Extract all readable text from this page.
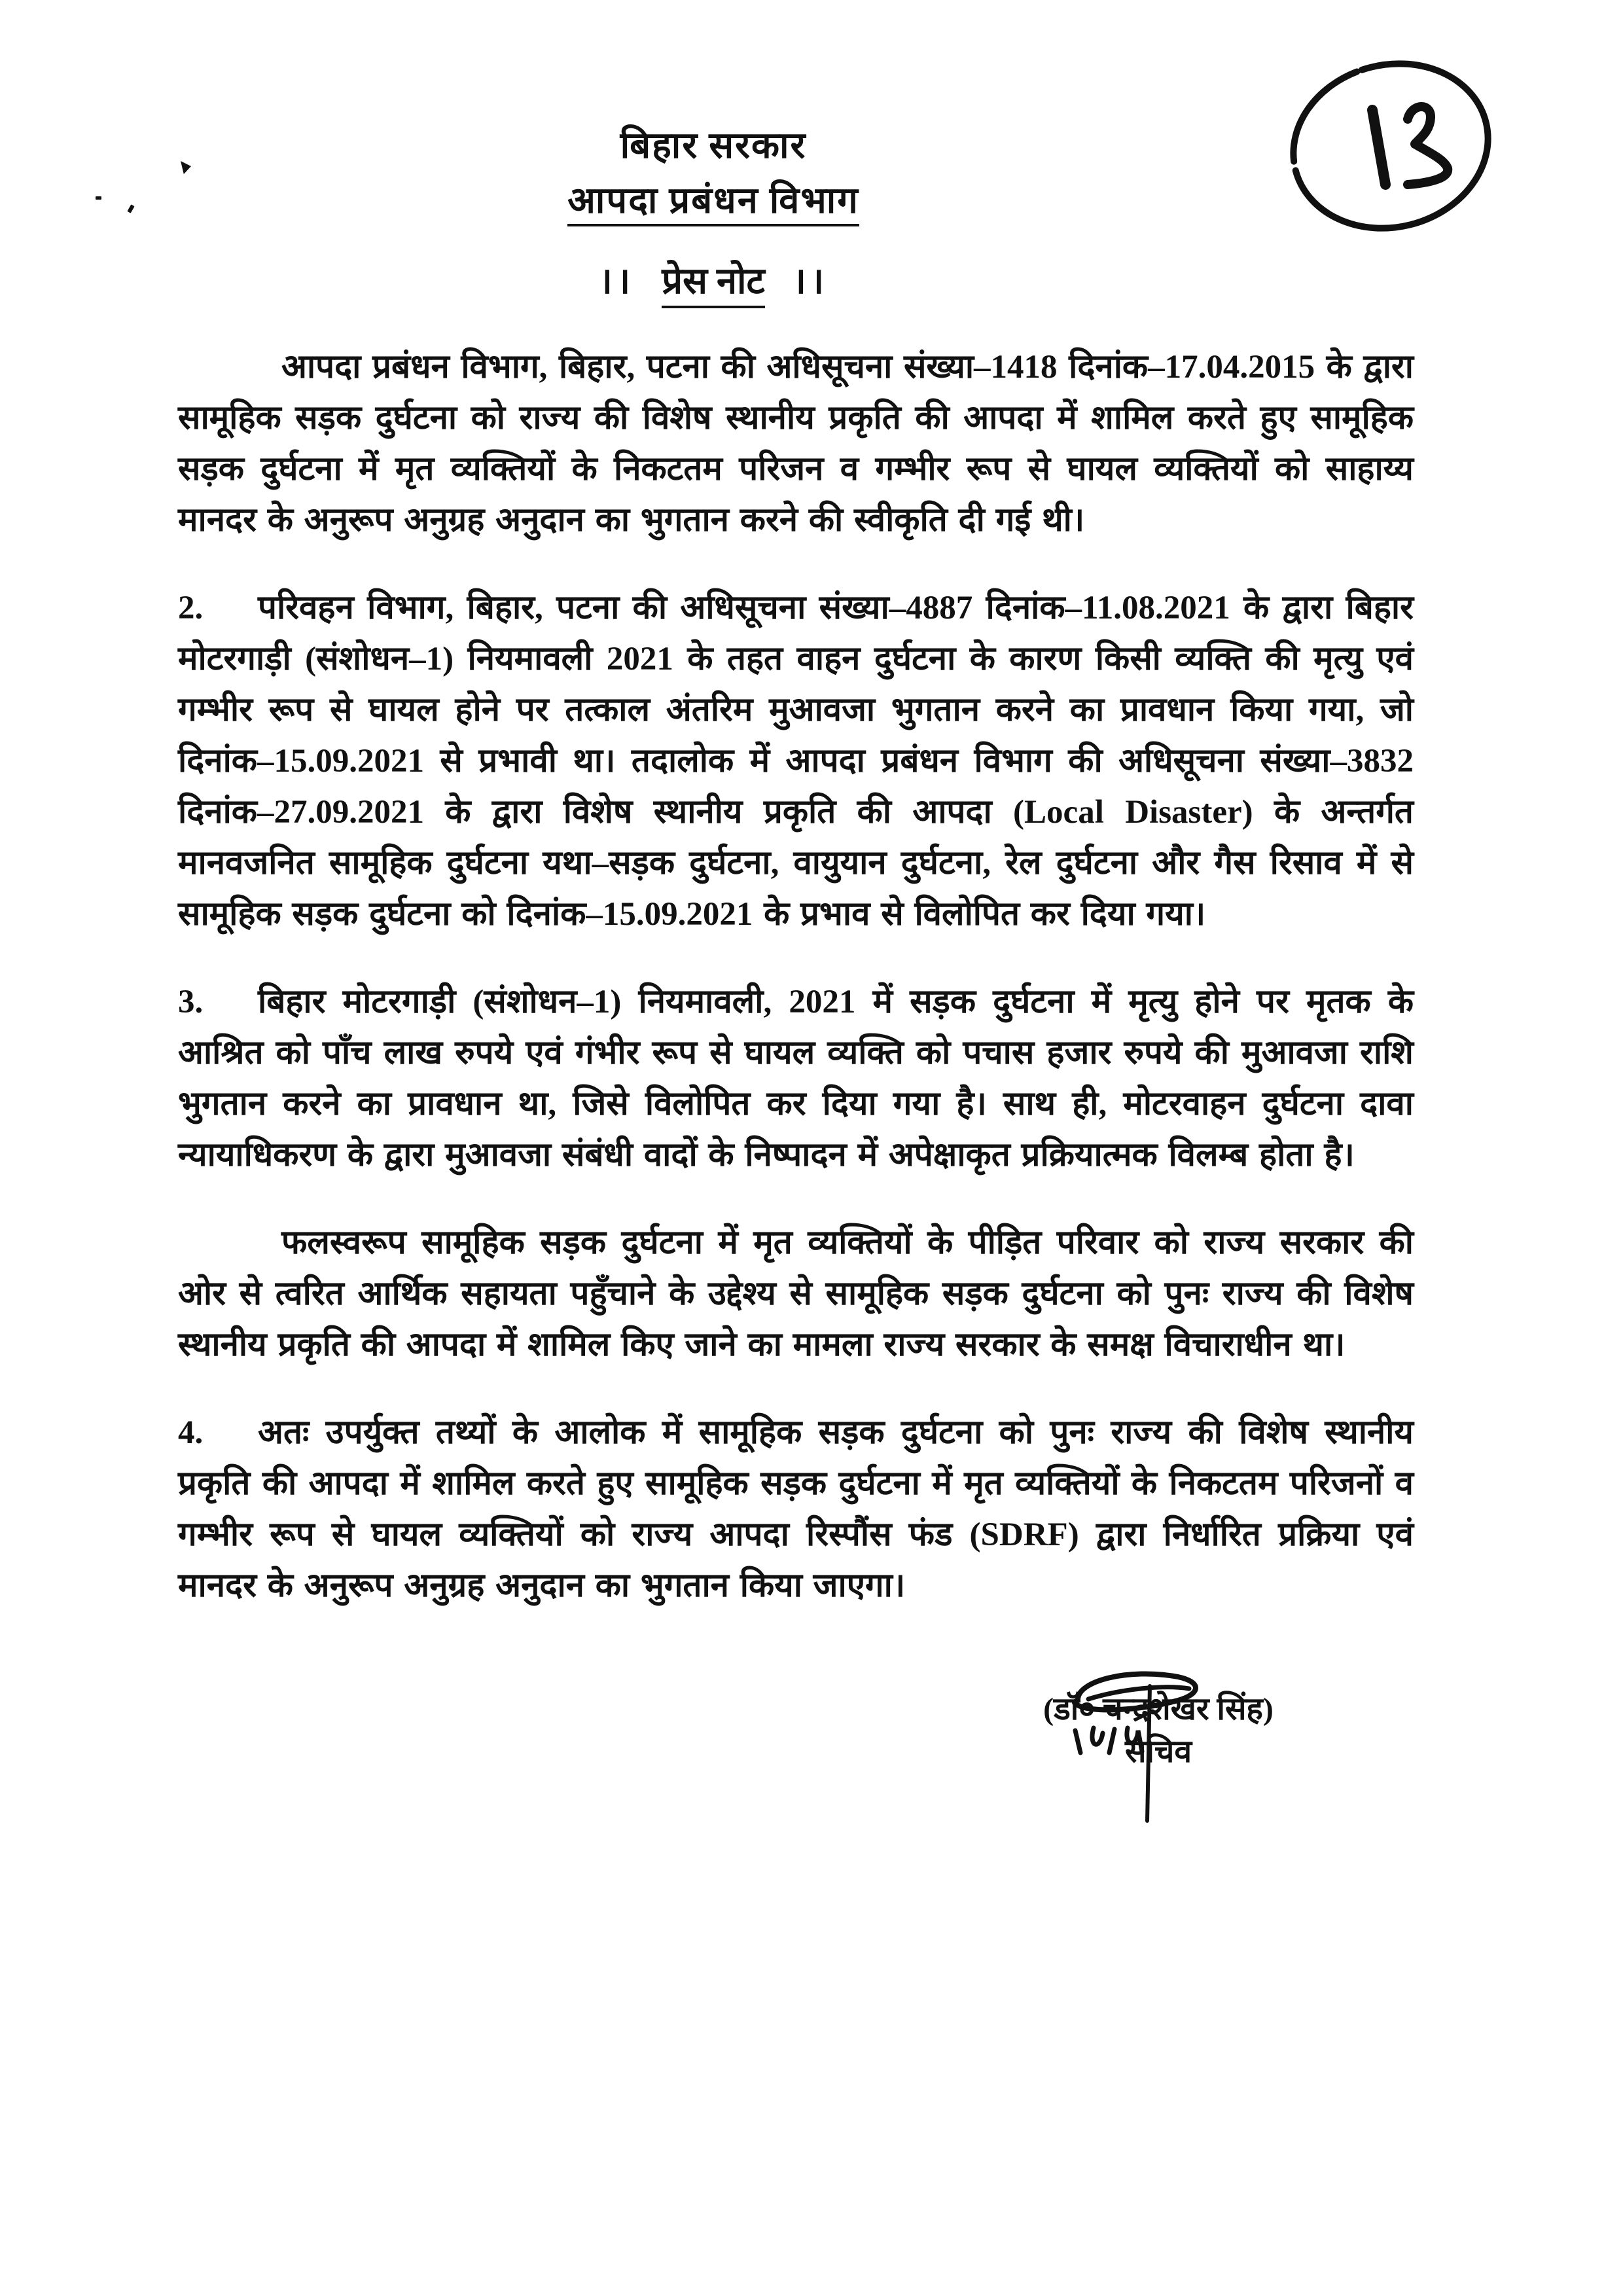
बिहार सरकार
आपदा प्रबंधन विभाग
।। प्रेस नोट ।।
आपदा प्रबंधन विभाग, बिहार, पटना की अधिसूचना संख्या–1418 दिनांक–17.04.2015 के द्वारा सामूहिक सड़क दुर्घटना को राज्य की विशेष स्थानीय प्रकृति की आपदा में शामिल करते हुए सामूहिक सड़क दुर्घटना में मृत व्यक्तियों के निकटतम परिजन व गम्भीर रूप से घायल व्यक्तियों को साहाय्य मानदर के अनुरूप अनुग्रह अनुदान का भुगतान करने की स्वीकृति दी गई थी।
2. परिवहन विभाग, बिहार, पटना की अधिसूचना संख्या–4887 दिनांक–11.08.2021 के द्वारा बिहार मोटरगाड़ी (संशोधन–1) नियमावली 2021 के तहत वाहन दुर्घटना के कारण किसी व्यक्ति की मृत्यु एवं गम्भीर रूप से घायल होने पर तत्काल अंतरिम मुआवजा भुगतान करने का प्रावधान किया गया, जो दिनांक–15.09.2021 से प्रभावी था। तदालोक में आपदा प्रबंधन विभाग की अधिसूचना संख्या–3832 दिनांक–27.09.2021 के द्वारा विशेष स्थानीय प्रकृति की आपदा (Local Disaster) के अन्तर्गत मानवजनित सामूहिक दुर्घटना यथा–सड़क दुर्घटना, वायुयान दुर्घटना, रेल दुर्घटना और गैस रिसाव में से सामूहिक सड़क दुर्घटना को दिनांक–15.09.2021 के प्रभाव से विलोपित कर दिया गया।
3. बिहार मोटरगाड़ी (संशोधन–1) नियमावली, 2021 में सड़क दुर्घटना में मृत्यु होने पर मृतक के आश्रित को पाँच लाख रुपये एवं गंभीर रूप से घायल व्यक्ति को पचास हजार रुपये की मुआवजा राशि भुगतान करने का प्रावधान था, जिसे विलोपित कर दिया गया है। साथ ही, मोटरवाहन दुर्घटना दावा न्यायाधिकरण के द्वारा मुआवजा संबंधी वादों के निष्पादन में अपेक्षाकृत प्रक्रियात्मक विलम्ब होता है।
फलस्वरूप सामूहिक सड़क दुर्घटना में मृत व्यक्तियों के पीड़ित परिवार को राज्य सरकार की ओर से त्वरित आर्थिक सहायता पहुँचाने के उद्देश्य से सामूहिक सड़क दुर्घटना को पुनः राज्य की विशेष स्थानीय प्रकृति की आपदा में शामिल किए जाने का मामला राज्य सरकार के समक्ष विचाराधीन था।
4. अतः उपर्युक्त तथ्यों के आलोक में सामूहिक सड़क दुर्घटना को पुनः राज्य की विशेष स्थानीय प्रकृति की आपदा में शामिल करते हुए सामूहिक सड़क दुर्घटना में मृत व्यक्तियों के निकटतम परिजनों व गम्भीर रूप से घायल व्यक्तियों को राज्य आपदा रिस्पौंस फंड (SDRF) द्वारा निर्धारित प्रक्रिया एवं मानदर के अनुरूप अनुग्रह अनुदान का भुगतान किया जाएगा।
(डॉ० चन्द्रशेखर सिंह)
सचिव
